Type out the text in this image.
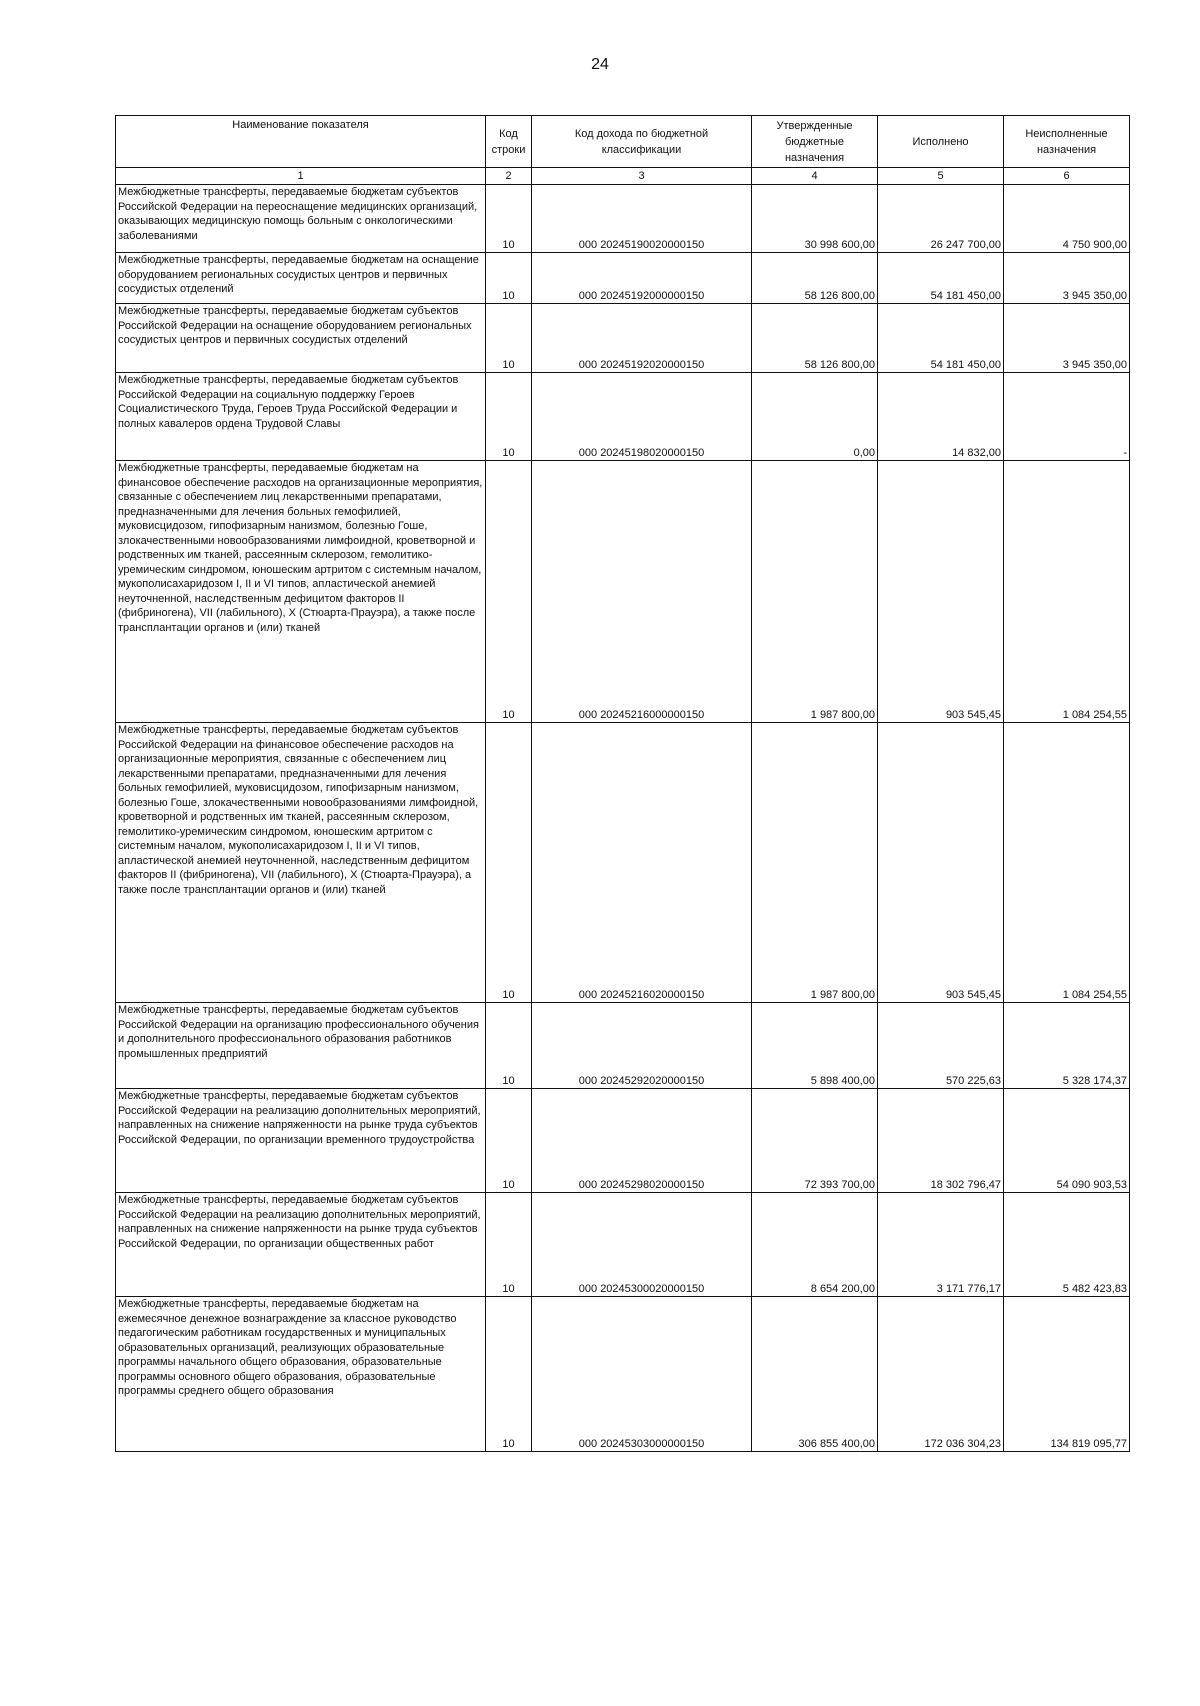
24
Наименование показателя	Код строки	Код дохода по бюджетной классификации	Утвержденные бюджетные назначения	Исполнено	Неисполненные назначения
1	2	3	4	5	6
Межбюджетные трансферты, передаваемые бюджетам субъектов Российской Федерации на переоснащение медицинских организаций, оказывающих медицинскую помощь больным с онкологическими заболеваниями	10	000 20245190020000150	30 998 600,00	26 247 700,00	4 750 900,00
Межбюджетные трансферты, передаваемые бюджетам на оснащение оборудованием региональных сосудистых центров и первичных сосудистых отделений	10	000 20245192000000150	58 126 800,00	54 181 450,00	3 945 350,00
Межбюджетные трансферты, передаваемые бюджетам субъектов Российской Федерации на оснащение оборудованием региональных сосудистых центров и первичных сосудистых отделений	10	000 20245192020000150	58 126 800,00	54 181 450,00	3 945 350,00
Межбюджетные трансферты, передаваемые бюджетам субъектов Российской Федерации на социальную поддержку Героев Социалистического Труда, Героев Труда Российской Федерации и полных кавалеров ордена Трудовой Славы	10	000 20245198020000150	0,00	14 832,00	-
Межбюджетные трансферты, передаваемые бюджетам на финансовое обеспечение расходов на организационные мероприятия, связанные с обеспечением лиц лекарственными препаратами, предназначенными для лечения больных гемофилией, муковисцидозом, гипофизарным нанизмом, болезнью Гоше, злокачественными новообразованиями лимфоидной, кроветворной и родственных им тканей, рассеянным склерозом, гемолитико-уремическим синдромом, юношеским артритом с системным началом, мукополисахаридозом I, II и VI типов, апластической анемией неуточненной, наследственным дефицитом факторов II (фибриногена), VII (лабильного), X (Стюарта-Прауэра), а также после трансплантации органов и (или) тканей	10	000 20245216000000150	1 987 800,00	903 545,45	1 084 254,55
Межбюджетные трансферты, передаваемые бюджетам субъектов Российской Федерации на финансовое обеспечение расходов на организационные мероприятия, связанные с обеспечением лиц лекарственными препаратами, предназначенными для лечения больных гемофилией, муковисцидозом, гипофизарным нанизмом, болезнью Гоше, злокачественными новообразованиями лимфоидной, кроветворной и родственных им тканей, рассеянным склерозом, гемолитико-уремическим синдромом, юношеским артритом с системным началом, мукополисахаридозом I, II и VI типов, апластической анемией неуточненной, наследственным дефицитом факторов II (фибриногена), VII (лабильного), X (Стюарта-Прауэра), а также после трансплантации органов и (или) тканей	10	000 20245216020000150	1 987 800,00	903 545,45	1 084 254,55
Межбюджетные трансферты, передаваемые бюджетам субъектов Российской Федерации на организацию профессионального обучения и дополнительного профессионального образования работников промышленных предприятий	10	000 20245292020000150	5 898 400,00	570 225,63	5 328 174,37
Межбюджетные трансферты, передаваемые бюджетам субъектов Российской Федерации на реализацию дополнительных мероприятий, направленных на снижение напряженности на рынке труда субъектов Российской Федерации, по организации временного трудоустройства	10	000 20245298020000150	72 393 700,00	18 302 796,47	54 090 903,53
Межбюджетные трансферты, передаваемые бюджетам субъектов Российской Федерации на реализацию дополнительных мероприятий, направленных на снижение напряженности на рынке труда субъектов Российской Федерации, по организации общественных работ	10	000 20245300020000150	8 654 200,00	3 171 776,17	5 482 423,83
Межбюджетные трансферты, передаваемые бюджетам на ежемесячное денежное вознаграждение за классное руководство педагогическим работникам государственных и муниципальных образовательных организаций, реализующих образовательные программы начального общего образования, образовательные программы основного общего образования, образовательные программы среднего общего образования	10	000 20245303000000150	306 855 400,00	172 036 304,23	134 819 095,77
